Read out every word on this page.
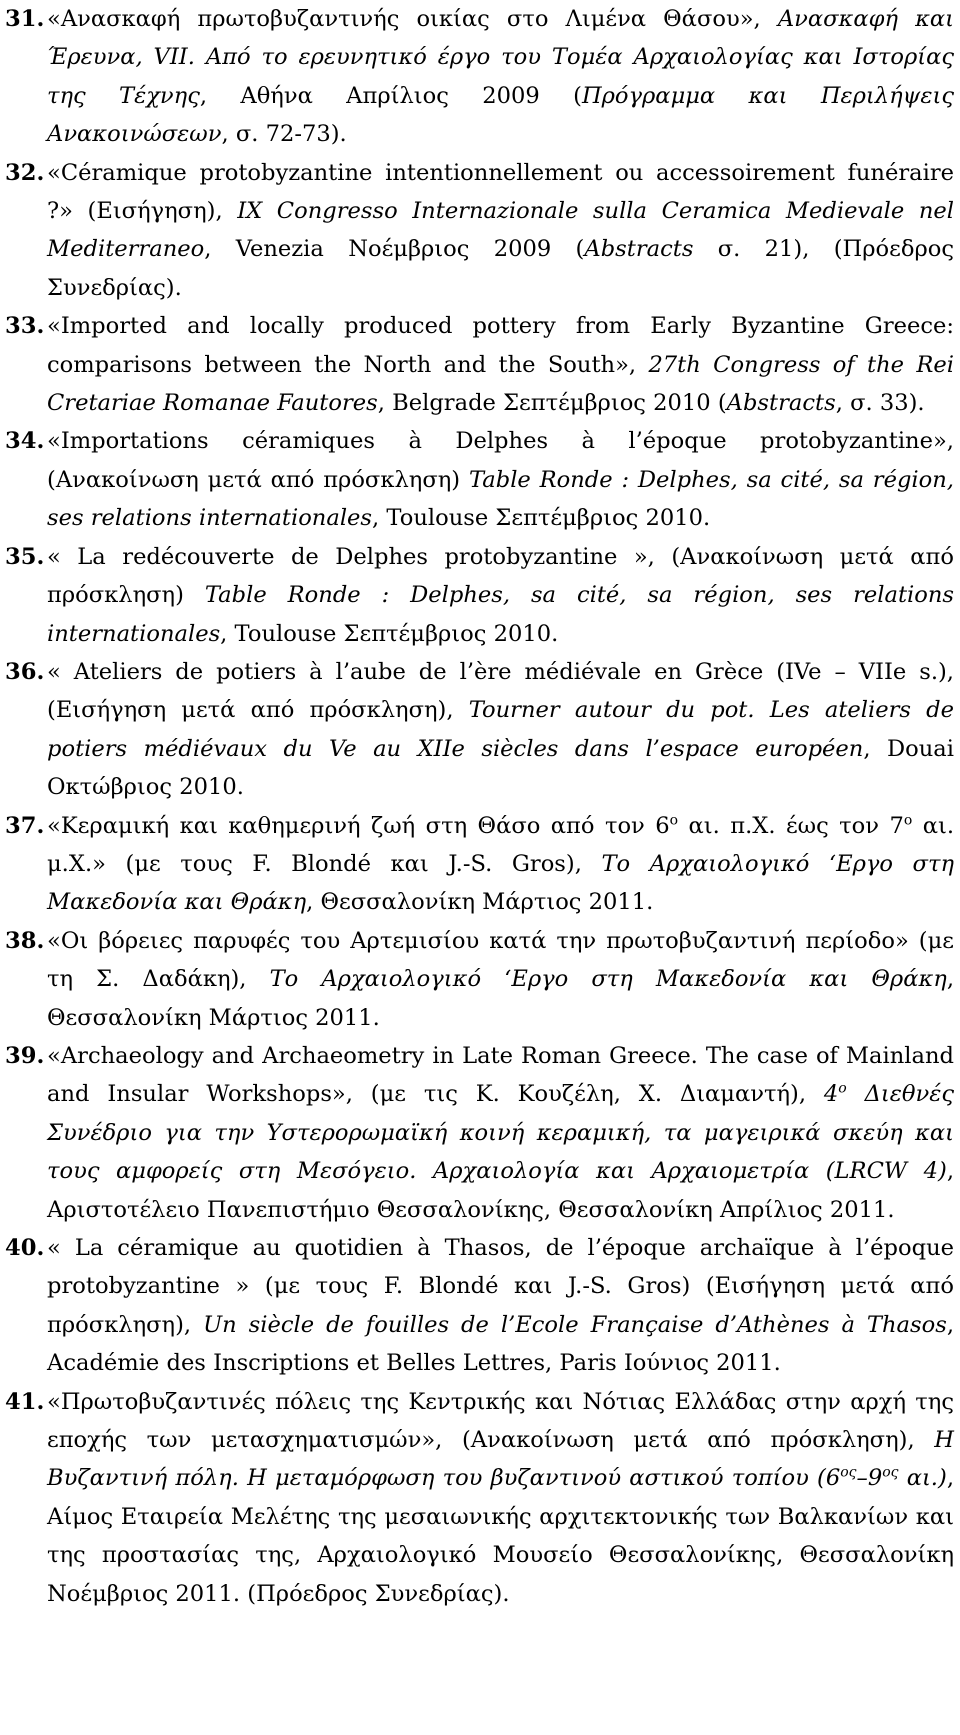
31. «Ανασκαφή πρωτοβυζαντινής οικίας στο Λιμένα Θάσου», Ανασκαφή και Έρευνα, VII. Από το ερευνητικό έργο του Τομέα Αρχαιολογίας και Ιστορίας της Τέχνης, Αθήνα Απρίλιος 2009 (Πρόγραμμα και Περιλήψεις Ανακοινώσεων, σ. 72-73).
32. «Céramique protobyzantine intentionnellement ou accessoirement funéraire ?» (Εισήγηση), IX Congresso Internazionale sulla Ceramica Medievale nel Mediterraneo, Venezia Νοέμβριος 2009 (Abstracts σ. 21), (Πρόεδρος Συνεδρίας).
33. «Imported and locally produced pottery from Early Byzantine Greece: comparisons between the North and the South», 27th Congress of the Rei Cretariae Romanae Fautores, Belgrade Σεπτέμβριος 2010 (Abstracts, σ. 33).
34. «Importations céramiques à Delphes à l’époque protobyzantine», (Ανακοίνωση μετά από πρόσκληση) Table Ronde : Delphes, sa cité, sa région, ses relations internationales, Toulouse Σεπτέμβριος 2010.
35. « La redécouverte de Delphes protobyzantine », (Ανακοίνωση μετά από πρόσκληση) Table Ronde : Delphes, sa cité, sa région, ses relations internationales, Toulouse Σεπτέμβριος 2010.
36. « Ateliers de potiers à l’aube de l’ère médiévale en Grèce (IVe – VIIe s.), (Εισήγηση μετά από πρόσκληση), Tourner autour du pot. Les ateliers de potiers médiévaux du Ve au XIIe siècles dans l’espace européen, Douai Οκτώβριος 2010.
37. «Κεραμική και καθημερινή ζωή στη Θάσο από τον $6^o$ αι. π.Χ. έως τον $7^o$ αι. μ.Χ.» (με τους F. Blondé και J.-S. Gros), Το Αρχαιολογικό ‘Εργο στη Μακεδονία και Θράκη, Θεσσαλονίκη Μάρτιος 2011.
38. «Οι βόρειες παρυφές του Αρτεμισίου κατά την πρωτοβυζαντινή περίοδο» (με τη Σ. Δαδάκη), Το Αρχαιολογικό ‘Εργο στη Μακεδονία και Θράκη, Θεσσαλονίκη Μάρτιος 2011.
39. «Archaeology and Archaeometry in Late Roman Greece. The case of Mainland and Insular Workshops», (με τις Κ. Κουζέλη, Χ. Διαμαντή), $4^o$ Διεθνές Συνέδριο για την Υστερορωμαϊκή κοινή κεραμική, τα μαγειρικά σκεύη και τους αμφορείς στη Μεσόγειο. Αρχαιολογία και Αρχαιομετρία (LRCW 4), Αριστοτέλειο Πανεπιστήμιο Θεσσαλονίκης, Θεσσαλονίκη Απρίλιος 2011.
40. « La céramique au quotidien à Thasos, de l’époque archaïque à l’époque protobyzantine » (με τους F. Blondé και J.-S. Gros) (Εισήγηση μετά από πρόσκληση), Un siècle de fouilles de l’Ecole Française d’Athènes à Thasos, Académie des Inscriptions et Belles Lettres, Paris Ιούνιος 2011.
41. «Πρωτοβυζαντινές πόλεις της Κεντρικής και Νότιας Ελλάδας στην αρχή της εποχής των μετασχηματισμών», (Ανακοίνωση μετά από πρόσκληση), Η Βυζαντινή πόλη. Η μεταμόρφωση του βυζαντινού αστικού τοπίου ($6^{o\varsigma}-9^{o\varsigma}$ αι.), Αίμος Εταιρεία Μελέτης της μεσαιωνικής αρχιτεκτονικής των Βαλκανίων και της προστασίας της, Αρχαιολογικό Μουσείο Θεσσαλονίκης, Θεσσαλονίκη Νοέμβριος 2011. (Πρόεδρος Συνεδρίας).
